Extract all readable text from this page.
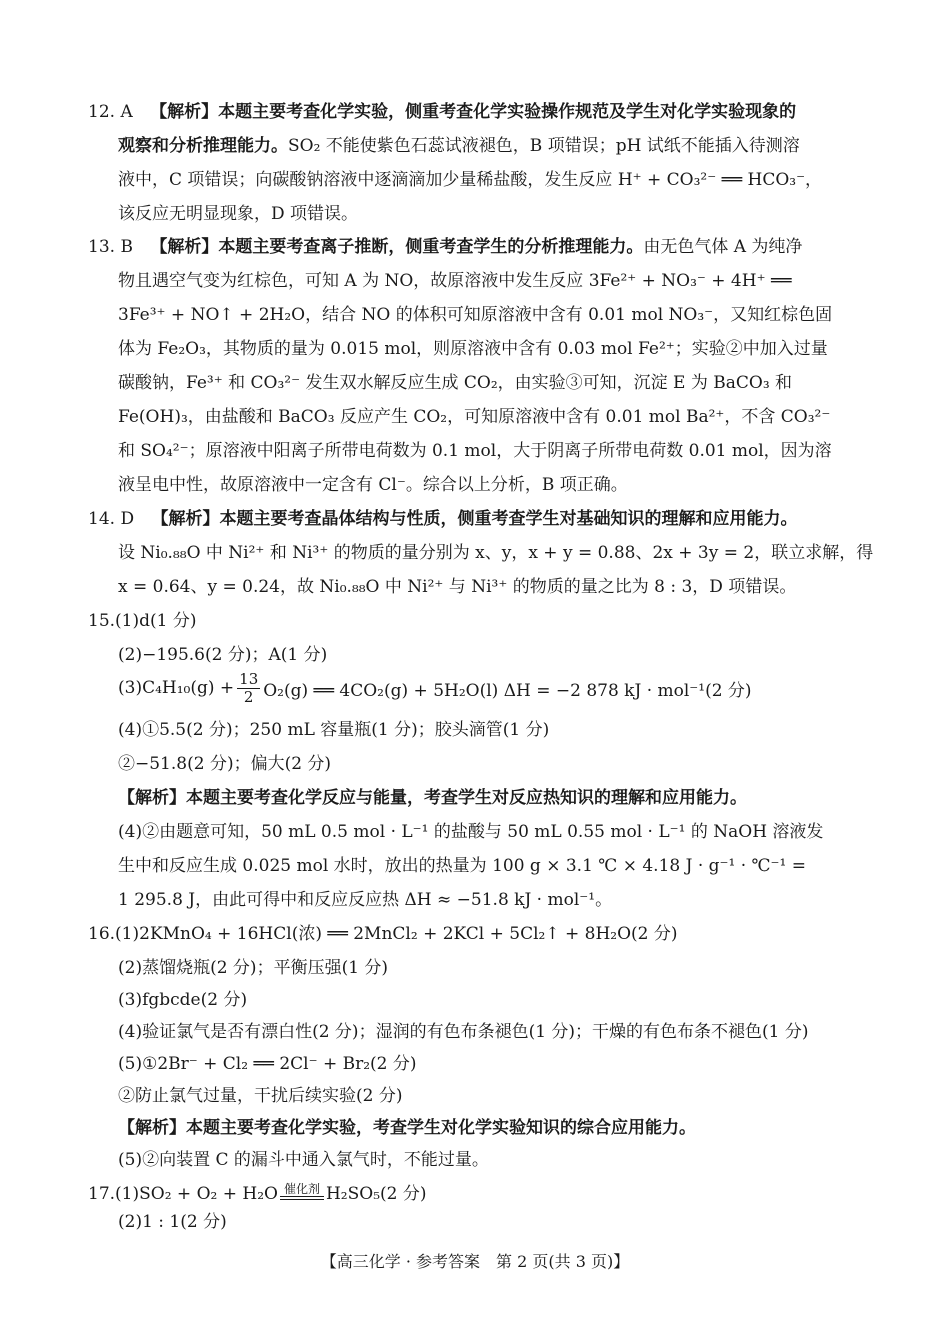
12. A 【解析】本题主要考查化学实验，侧重考查化学实验操作规范及学生对化学实验现象的
观察和分析推理能力。SO₂ 不能使紫色石蕊试液褪色，B 项错误；pH 试纸不能插入待测溶
液中，C 项错误；向碳酸钠溶液中逐滴滴加少量稀盐酸，发生反应 H⁺ + CO₃²⁻ ══ HCO₃⁻，
该反应无明显现象，D 项错误。
13. B 【解析】本题主要考查离子推断，侧重考查学生的分析推理能力。由无色气体 A 为纯净
物且遇空气变为红棕色，可知 A 为 NO，故原溶液中发生反应 3Fe²⁺ + NO₃⁻ + 4H⁺ ══
3Fe³⁺ + NO↑ + 2H₂O，结合 NO 的体积可知原溶液中含有 0.01 mol NO₃⁻，又知红棕色固
体为 Fe₂O₃，其物质的量为 0.015 mol，则原溶液中含有 0.03 mol Fe²⁺；实验②中加入过量
碳酸钠，Fe³⁺ 和 CO₃²⁻ 发生双水解反应生成 CO₂，由实验③可知，沉淀 E 为 BaCO₃ 和
Fe(OH)₃，由盐酸和 BaCO₃ 反应产生 CO₂，可知原溶液中含有 0.01 mol Ba²⁺，不含 CO₃²⁻
和 SO₄²⁻；原溶液中阳离子所带电荷数为 0.1 mol，大于阴离子所带电荷数 0.01 mol，因为溶
液呈电中性，故原溶液中一定含有 Cl⁻。综合以上分析，B 项正确。
14. D 【解析】本题主要考查晶体结构与性质，侧重考查学生对基础知识的理解和应用能力。
设 Ni₀.₈₈O 中 Ni²⁺ 和 Ni³⁺ 的物质的量分别为 x、y，x + y = 0.88、2x + 3y = 2，联立求解，得
x = 0.64、y = 0.24，故 Ni₀.₈₈O 中 Ni²⁺ 与 Ni³⁺ 的物质的量之比为 8 : 3，D 项错误。
15.(1)d(1 分)
(2)−195.6(2 分)；A(1 分)
$(3)C_4H_{10}(g) + \frac{13}{2} O_2(g)$ ══ 4CO₂(g) + 5H₂O(l) ΔH = −2 878 kJ · mol⁻¹(2 分)
(4)①5.5(2 分)；250 mL 容量瓶(1 分)；胶头滴管(1 分)
②−51.8(2 分)；偏大(2 分)
【解析】本题主要考查化学反应与能量，考查学生对反应热知识的理解和应用能力。
(4)②由题意可知，50 mL 0.5 mol · L⁻¹ 的盐酸与 50 mL 0.55 mol · L⁻¹ 的 NaOH 溶液发
生中和反应生成 0.025 mol 水时，放出的热量为 100 g × 3.1 ℃ × 4.18 J · g⁻¹ · ℃⁻¹ =
1 295.8 J，由此可得中和反应反应热 ΔH ≈ −51.8 kJ · mol⁻¹。
16.(1)2KMnO₄ + 16HCl(浓) ══ 2MnCl₂ + 2KCl + 5Cl₂↑ + 8H₂O(2 分)
(2)蒸馏烧瓶(2 分)；平衡压强(1 分)
(3)fgbcde(2 分)
(4)验证氯气是否有漂白性(2 分)；湿润的有色布条褪色(1 分)；干燥的有色布条不褪色(1 分)
(5)①2Br⁻ + Cl₂ ══ 2Cl⁻ + Br₂(2 分)
②防止氯气过量，干扰后续实验(2 分)
【解析】本题主要考查化学实验，考查学生对化学实验知识的综合应用能力。
(5)②向装置 C 的漏斗中通入氯气时，不能过量。
17. (1)SO₂ + O₂ + H₂O 催化剂 H₂SO₅(2 分)
(2)1 : 1(2 分)
【高三化学 · 参考答案　第 2 页(共 3 页)】
